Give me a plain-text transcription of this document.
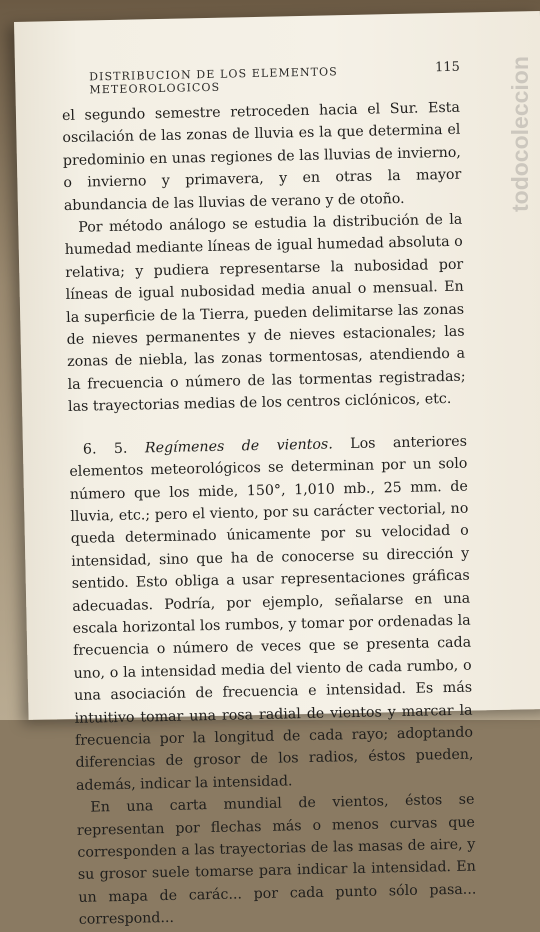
DISTRIBUCION DE LOS ELEMENTOS METEOROLOGICOS
115

el segundo semestre retroceden hacia el Sur. Esta oscilación de las zonas de lluvia es la que determina el predominio en unas regiones de las lluvias de invierno, o invierno y primavera, y en otras la mayor abundancia de las lluvias de verano y de otoño.

Por método análogo se estudia la distribución de la humedad mediante líneas de igual humedad absoluta o relativa; y pudiera representarse la nubosidad por líneas de igual nubosidad media anual o mensual. En la superficie de la Tierra, pueden delimitarse las zonas de nieves permanentes y de nieves estacionales; las zonas de niebla, las zonas tormentosas, atendiendo a la frecuencia o número de las tormentas registradas; las trayectorias medias de los centros ciclónicos, etc.

6. 5. Regímenes de vientos. Los anteriores elementos meteorológicos se determinan por un solo número que los mide, 150°, 1,010 mb., 25 mm. de lluvia, etc.; pero el viento, por su carácter vectorial, no queda determinado únicamente por su velocidad o intensidad, sino que ha de conocerse su dirección y sentido. Esto obliga a usar representaciones gráficas adecuadas. Podría, por ejemplo, señalarse en una escala horizontal los rumbos, y tomar por ordenadas la frecuencia o número de veces que se presenta cada uno, o la intensidad media del viento de cada rumbo, o una asociación de frecuencia e intensidad. Es más intuitivo tomar una rosa radial de vientos y marcar la frecuencia por la longitud de cada rayo; adoptando diferencias de grosor de los radios, éstos pueden, además, indicar la intensidad.

En una carta mundial de vientos, éstos se representan por flechas más o menos curvas que corresponden a las trayectorias de las masas de aire, y su grosor suele tomarse para indicar la intensidad. En un mapa de carác... por cada punto sólo pasa... correspond...

todocoleccion
